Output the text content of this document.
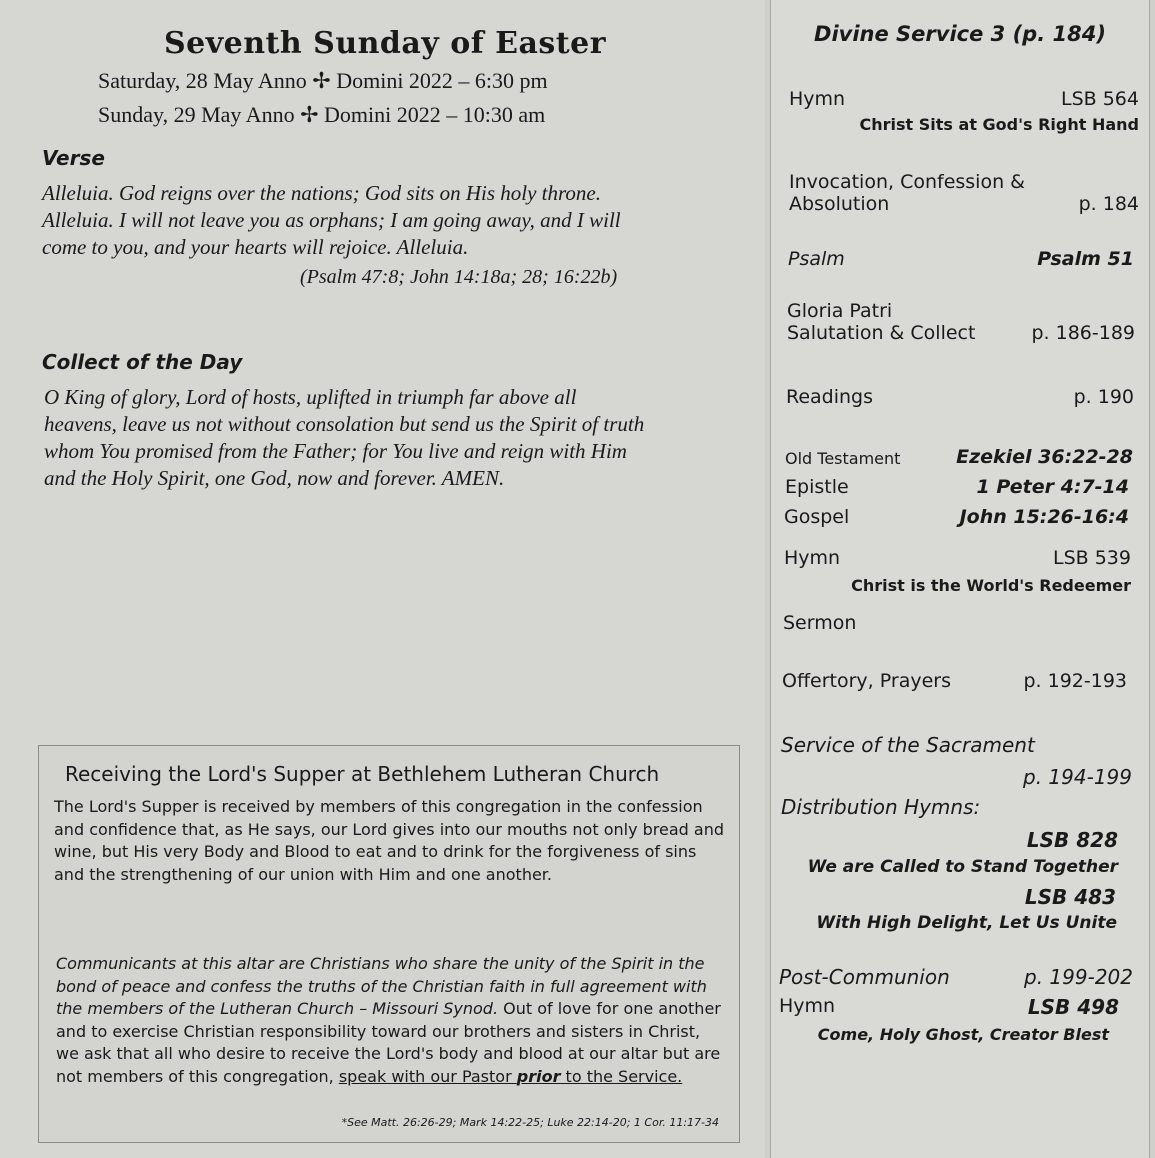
Seventh Sunday of Easter
Saturday, 28 May Anno ✢ Domini 2022 – 6:30 pm
Sunday, 29 May Anno ✢ Domini 2022 – 10:30 am
Verse
Alleluia. God reigns over the nations; God sits on His holy throne.
Alleluia. I will not leave you as orphans; I am going away, and I will
come to you, and your hearts will rejoice. Alleluia.
(Psalm 47:8; John 14:18a; 28; 16:22b)
Collect of the Day
O King of glory, Lord of hosts, uplifted in triumph far above all
heavens, leave us not without consolation but send us the Spirit of truth
whom You promised from the Father; for You live and reign with Him
and the Holy Spirit, one God, now and forever. AMEN.
Receiving the Lord's Supper at Bethlehem Lutheran Church
The Lord's Supper is received by members of this congregation in the confession and confidence that, as He says, our Lord gives into our mouths not only bread and wine, but His very Body and Blood to eat and to drink for the forgiveness of sins and the strengthening of our union with Him and one another.
Communicants at this altar are Christians who share the unity of the Spirit in the bond of peace and confess the truths of the Christian faith in full agreement with the members of the Lutheran Church – Missouri Synod. Out of love for one another and to exercise Christian responsibility toward our brothers and sisters in Christ, we ask that all who desire to receive the Lord's body and blood at our altar but are not members of this congregation, speak with our Pastor prior to the Service.
*See Matt. 26:26-29; Mark 14:22-25; Luke 22:14-20; 1 Cor. 11:17-34
Divine Service 3 (p. 184)
Hymn	LSB 564
Christ Sits at God's Right Hand
Invocation, Confession &
Absolution	p. 184
Psalm	Psalm 51
Gloria Patri
Salutation & Collect	p. 186-189
Readings	p. 190
Old Testament	Ezekiel 36:22-28
Epistle	1 Peter 4:7-14
Gospel	John 15:26-16:4
Hymn	LSB 539
Christ is the World's Redeemer
Sermon
Offertory, Prayers	p. 192-193
Service of the Sacrament
p. 194-199
Distribution Hymns:
LSB 828
We are Called to Stand Together
LSB 483
With High Delight, Let Us Unite
Post-Communion	p. 199-202
Hymn	LSB 498
Come, Holy Ghost, Creator Blest
